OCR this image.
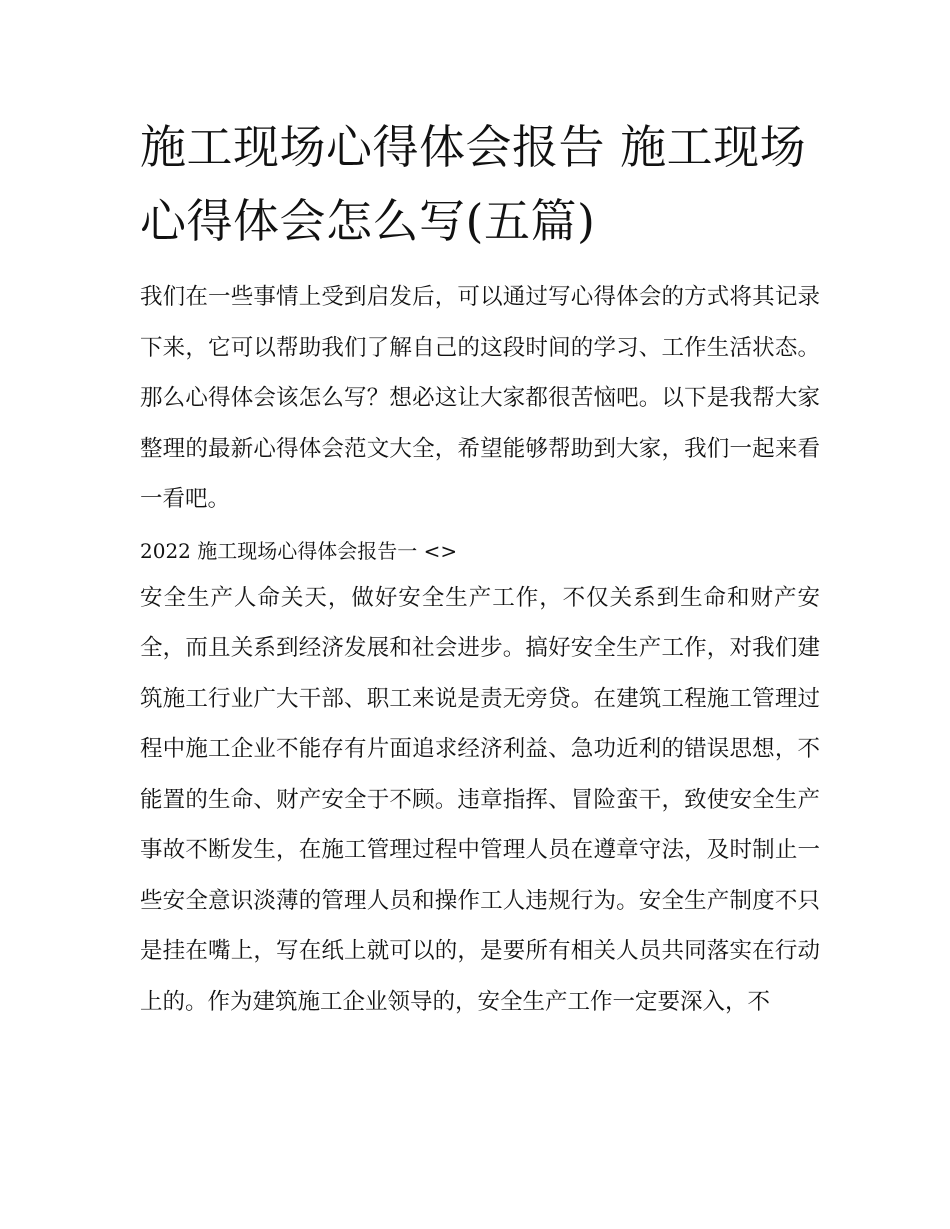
施工现场心得体会报告 施工现场心得体会怎么写(五篇)

我们在一些事情上受到启发后，可以通过写心得体会的方式将其记录下来，它可以帮助我们了解自己的这段时间的学习、工作生活状态。那么心得体会该怎么写？想必这让大家都很苦恼吧。以下是我帮大家整理的最新心得体会范文大全，希望能够帮助到大家，我们一起来看一看吧。

2022 施工现场心得体会报告一 <>

安全生产人命关天，做好安全生产工作，不仅关系到生命和财产安全，而且关系到经济发展和社会进步。搞好安全生产工作，对我们建筑施工行业广大干部、职工来说是责无旁贷。在建筑工程施工管理过程中施工企业不能存有片面追求经济利益、急功近利的错误思想，不能置的生命、财产安全于不顾。违章指挥、冒险蛮干，致使安全生产事故不断发生，在施工管理过程中管理人员在遵章守法，及时制止一些安全意识淡薄的管理人员和操作工人违规行为。安全生产制度不只是挂在嘴上，写在纸上就可以的，是要所有相关人员共同落实在行动上的。作为建筑施工企业领导的，安全生产工作一定要深入，不
